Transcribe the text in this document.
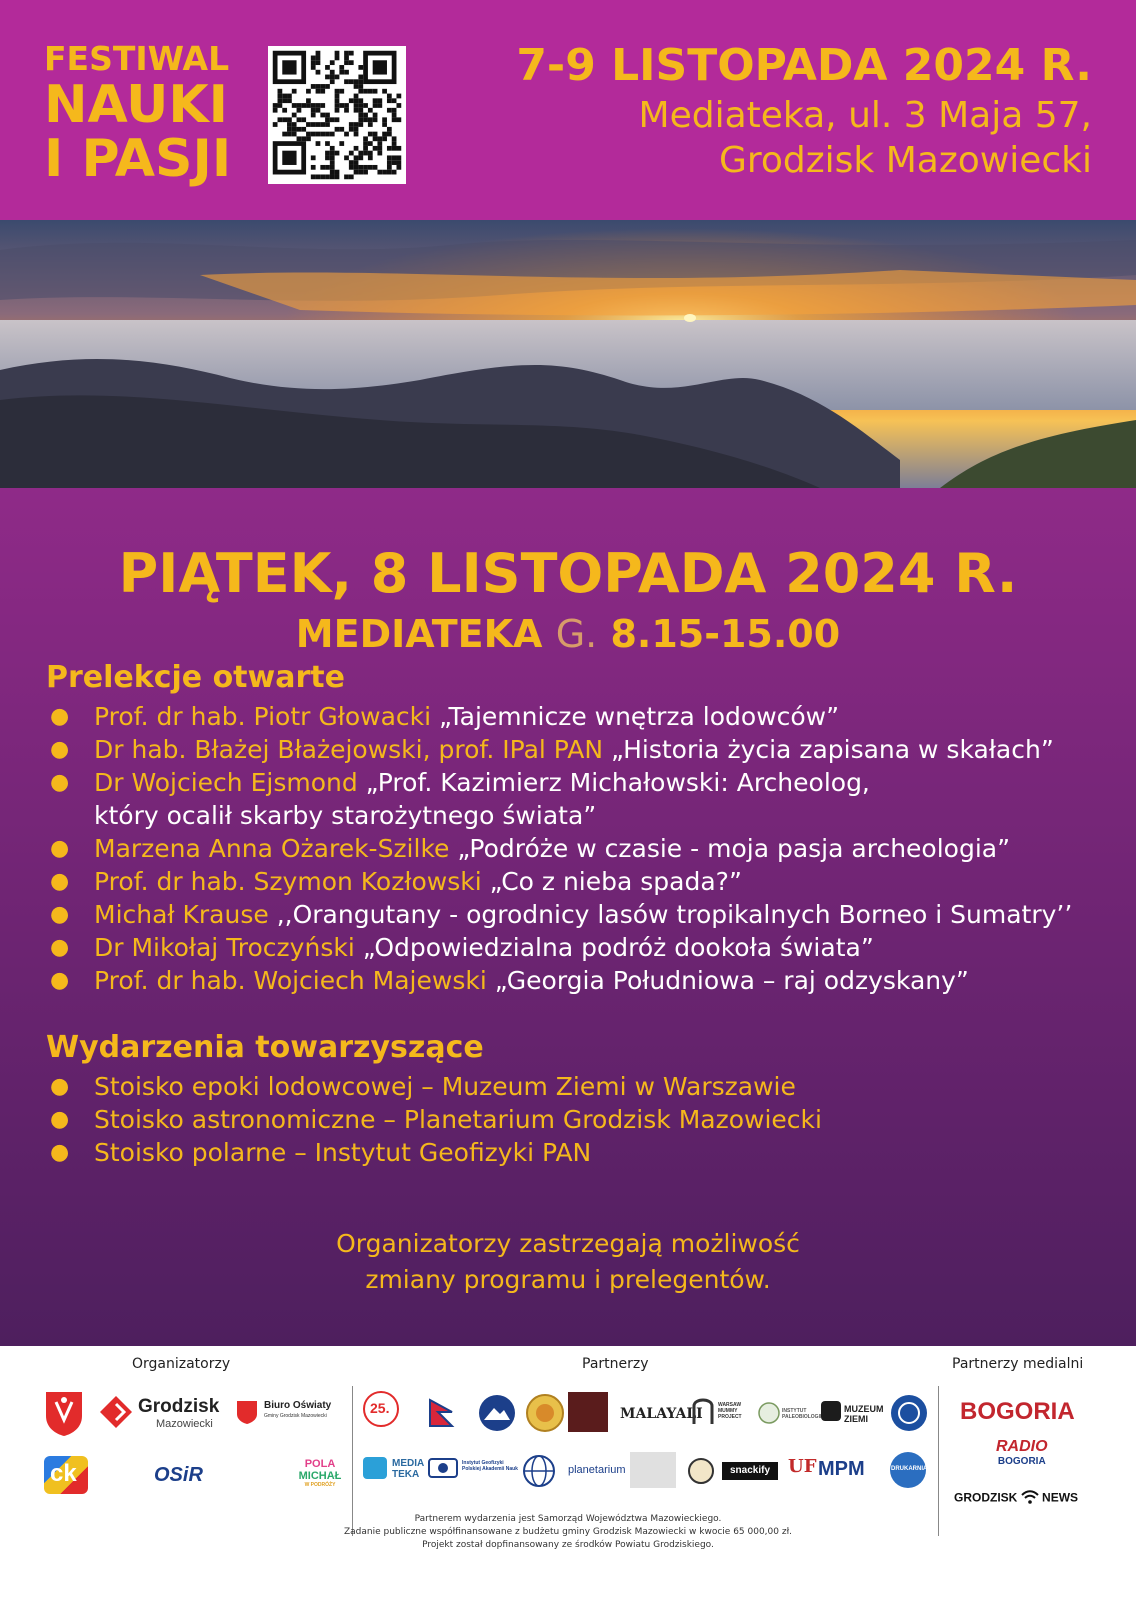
FESTIWAL
NAUKI
I PASJI
7-9 LISTOPADA 2024 R.
Mediateka, ul. 3 Maja 57,
Grodzisk Mazowiecki
PIĄTEK, 8 LISTOPADA 2024 R.
MEDIATEKA G. 8.15-15.00
Prelekcje otwarte
● Prof. dr hab. Piotr Głowacki „Tajemnicze wnętrza lodowców”
● Dr hab. Błażej Błażejowski, prof. IPal PAN „Historia życia zapisana w skałach”
● Dr Wojciech Ejsmond „Prof. Kazimierz Michałowski: Archeolog,
który ocalił skarby starożytnego świata”
● Marzena Anna Ożarek-Szilke „Podróże w czasie - moja pasja archeologia”
● Prof. dr hab. Szymon Kozłowski „Co z nieba spada?”
● Michał Krause ,,Orangutany - ogrodnicy lasów tropikalnych Borneo i Sumatry’’
● Dr Mikołaj Troczyński „Odpowiedzialna podróż dookoła świata”
● Prof. dr hab. Wojciech Majewski „Georgia Południowa – raj odzyskany”
Wydarzenia towarzyszące
● Stoisko epoki lodowcowej – Muzeum Ziemi w Warszawie
● Stoisko astronomiczne – Planetarium Grodzisk Mazowiecki
● Stoisko polarne – Instytut Geofizyki PAN
Organizatorzy zastrzegają możliwość
zmiany programu i prelegentów.
Organizatorzy	Partnerzy	Partnerzy medialni
Grodzisk
Mazowiecki
Biuro Oświaty
Gminy Grodzisk Mazowiecki
ck	OSiR	POLA
MICHAŁ
W PODRÓŻY
25.	MALAYALI
WARSAW MUMMY PROJECT
INSTYTUT PALEOBIOLOGII
MUZEUM ZIEMI
MEDIA TEKA
Instytut Geofizyki Polskiej Akademii Nauk	planetarium	snackify UF MPM	DRUKARNIA
BOGORIA
RADIO
BOGORIA
GRODZISK NEWS
Partnerem wydarzenia jest Samorząd Województwa Mazowieckiego.
Zadanie publiczne współfinansowane z budżetu gminy Grodzisk Mazowiecki w kwocie 65 000,00 zł.
Projekt został dopfinansowany ze środków Powiatu Grodziskiego.
